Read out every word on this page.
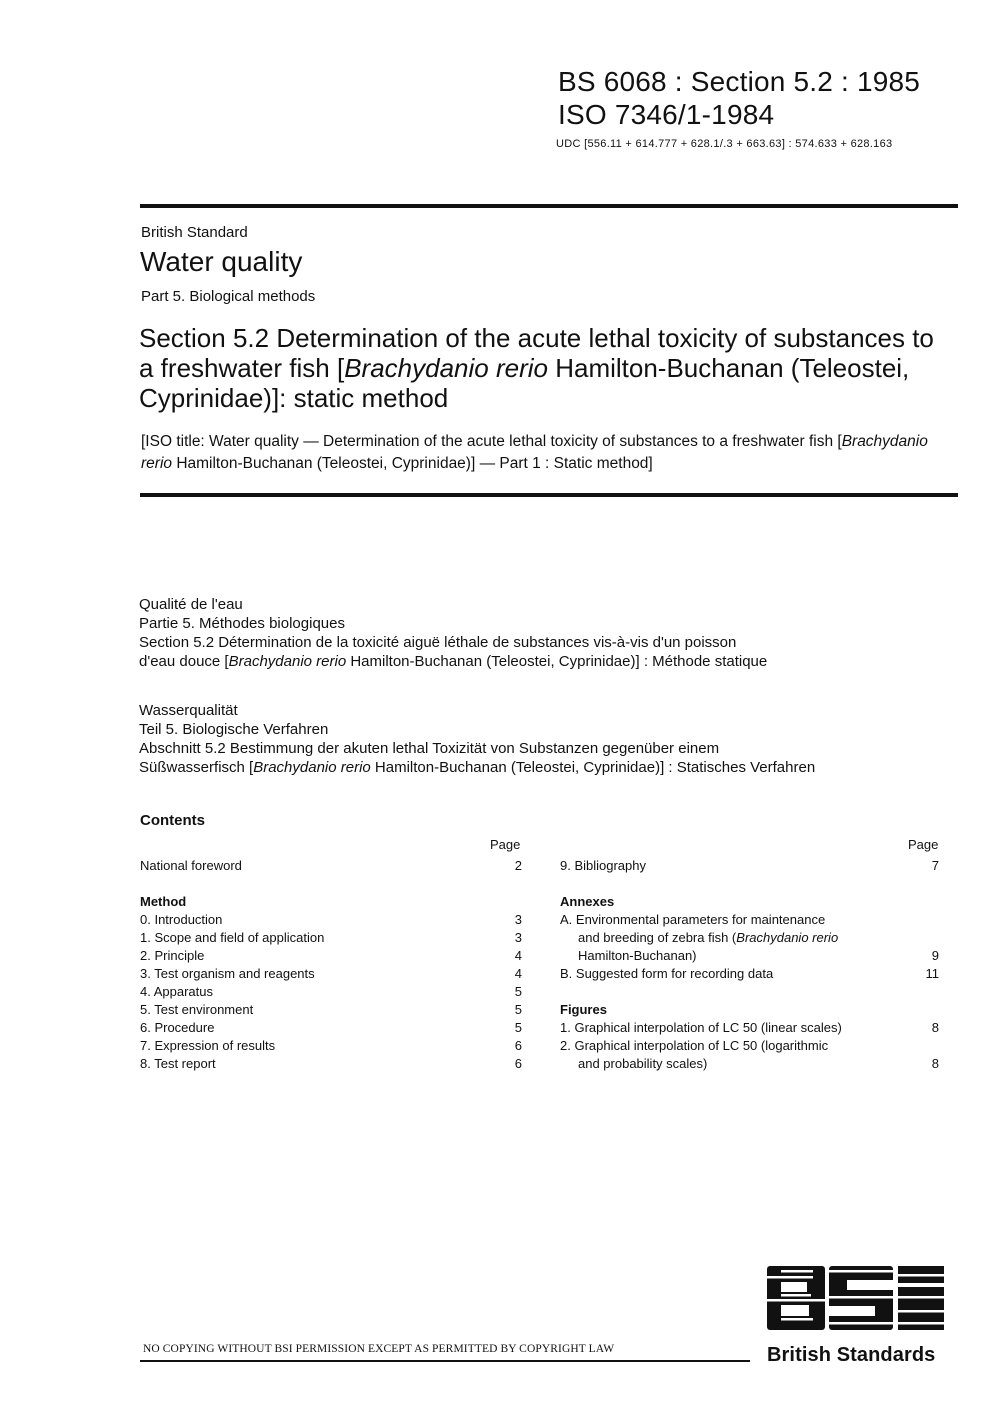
BS 6068 : Section 5.2 : 1985
ISO 7346/1-1984
UDC [556.11 + 614.777 + 628.1/.3 + 663.63] : 574.633 + 628.163
British Standard
Water quality
Part 5. Biological methods
Section 5.2 Determination of the acute lethal toxicity of substances to a freshwater fish [Brachydanio rerio Hamilton-Buchanan (Teleostei, Cyprinidae)]: static method
[ISO title: Water quality — Determination of the acute lethal toxicity of substances to a freshwater fish [Brachydanio rerio Hamilton-Buchanan (Teleostei, Cyprinidae)] — Part 1 : Static method]
Qualité de l'eau
Partie 5. Méthodes biologiques
Section 5.2 Détermination de la toxicité aiguë léthale de substances vis-à-vis d'un poisson
d'eau douce [Brachydanio rerio Hamilton-Buchanan (Teleostei, Cyprinidae)] : Méthode statique
Wasserqualität
Teil 5. Biologische Verfahren
Abschnitt 5.2 Bestimmung der akuten lethal Toxizität von Substanzen gegenüber einem
Süßwasserfisch [Brachydanio rerio Hamilton-Buchanan (Teleostei, Cyprinidae)] : Statisches Verfahren
Contents
Page	Page
National foreword	2
Method
0. Introduction	3
1. Scope and field of application	3
2. Principle	4
3. Test organism and reagents	4
4. Apparatus	5
5. Test environment	5
6. Procedure	5
7. Expression of results	6
8. Test report	6
9. Bibliography	7
Annexes
A. Environmental parameters for maintenance
and breeding of zebra fish (Brachydanio rerio
Hamilton-Buchanan)	9
B. Suggested form for recording data	11
Figures
1. Graphical interpolation of LC 50 (linear scales)	8
2. Graphical interpolation of LC 50 (logarithmic
and probability scales)	8
British Standards
NO COPYING WITHOUT BSI PERMISSION EXCEPT AS PERMITTED BY COPYRIGHT LAW
